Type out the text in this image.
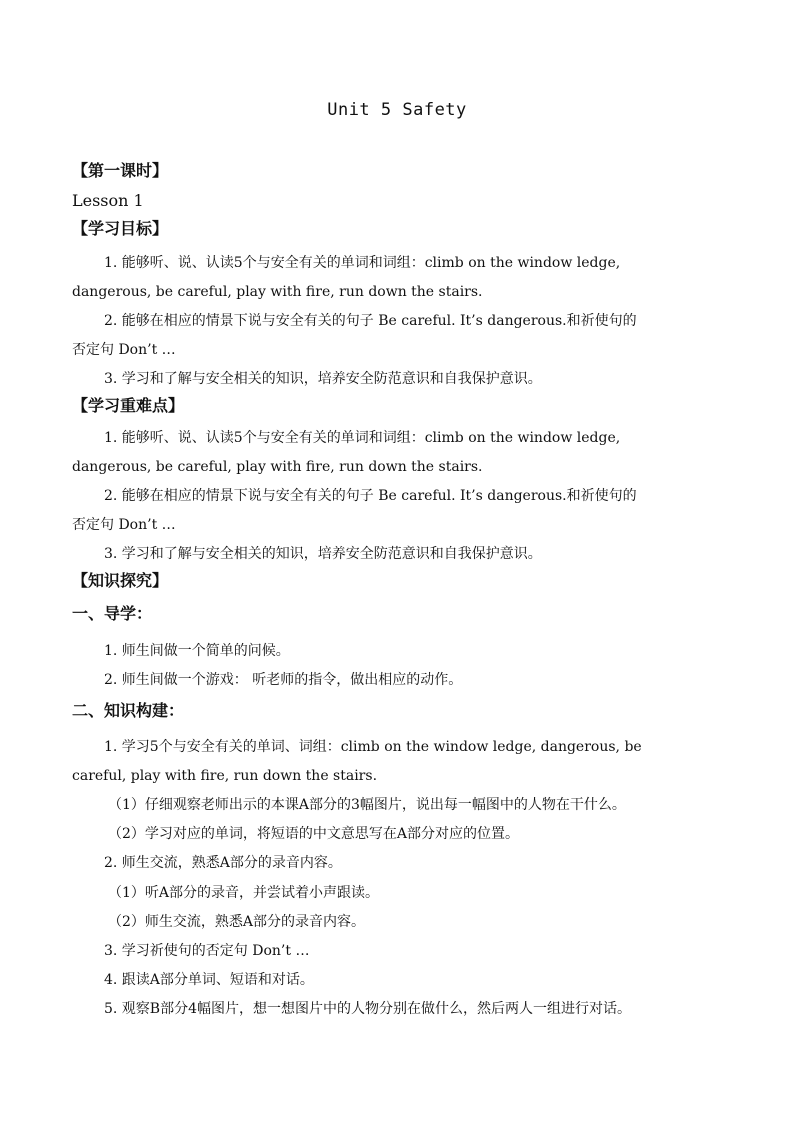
Unit 5 Safety
【第一课时】
Lesson 1
【学习目标】
1. 能够听、说、认读5个与安全有关的单词和词组：climb on the window ledge,
dangerous, be careful, play with fire, run down the stairs.
2. 能够在相应的情景下说与安全有关的句子 Be careful. It’s dangerous.和祈使句的
否定句 Don’t …
3. 学习和了解与安全相关的知识，培养安全防范意识和自我保护意识。
【学习重难点】
1. 能够听、说、认读5个与安全有关的单词和词组：climb on the window ledge,
dangerous, be careful, play with fire, run down the stairs.
2. 能够在相应的情景下说与安全有关的句子 Be careful. It’s dangerous.和祈使句的
否定句 Don’t …
3. 学习和了解与安全相关的知识，培养安全防范意识和自我保护意识。
【知识探究】
一、导学：
1. 师生间做一个简单的问候。
2. 师生间做一个游戏： 听老师的指令，做出相应的动作。
二、知识构建：
1. 学习5个与安全有关的单词、词组：climb on the window ledge, dangerous, be
careful, play with fire, run down the stairs.
（1）仔细观察老师出示的本课A部分的3幅图片，说出每一幅图中的人物在干什么。
（2）学习对应的单词，将短语的中文意思写在A部分对应的位置。
2. 师生交流，熟悉A部分的录音内容。
（1）听A部分的录音，并尝试着小声跟读。
（2）师生交流，熟悉A部分的录音内容。
3. 学习祈使句的否定句 Don’t …
4. 跟读A部分单词、短语和对话。
5. 观察B部分4幅图片，想一想图片中的人物分别在做什么，然后两人一组进行对话。
